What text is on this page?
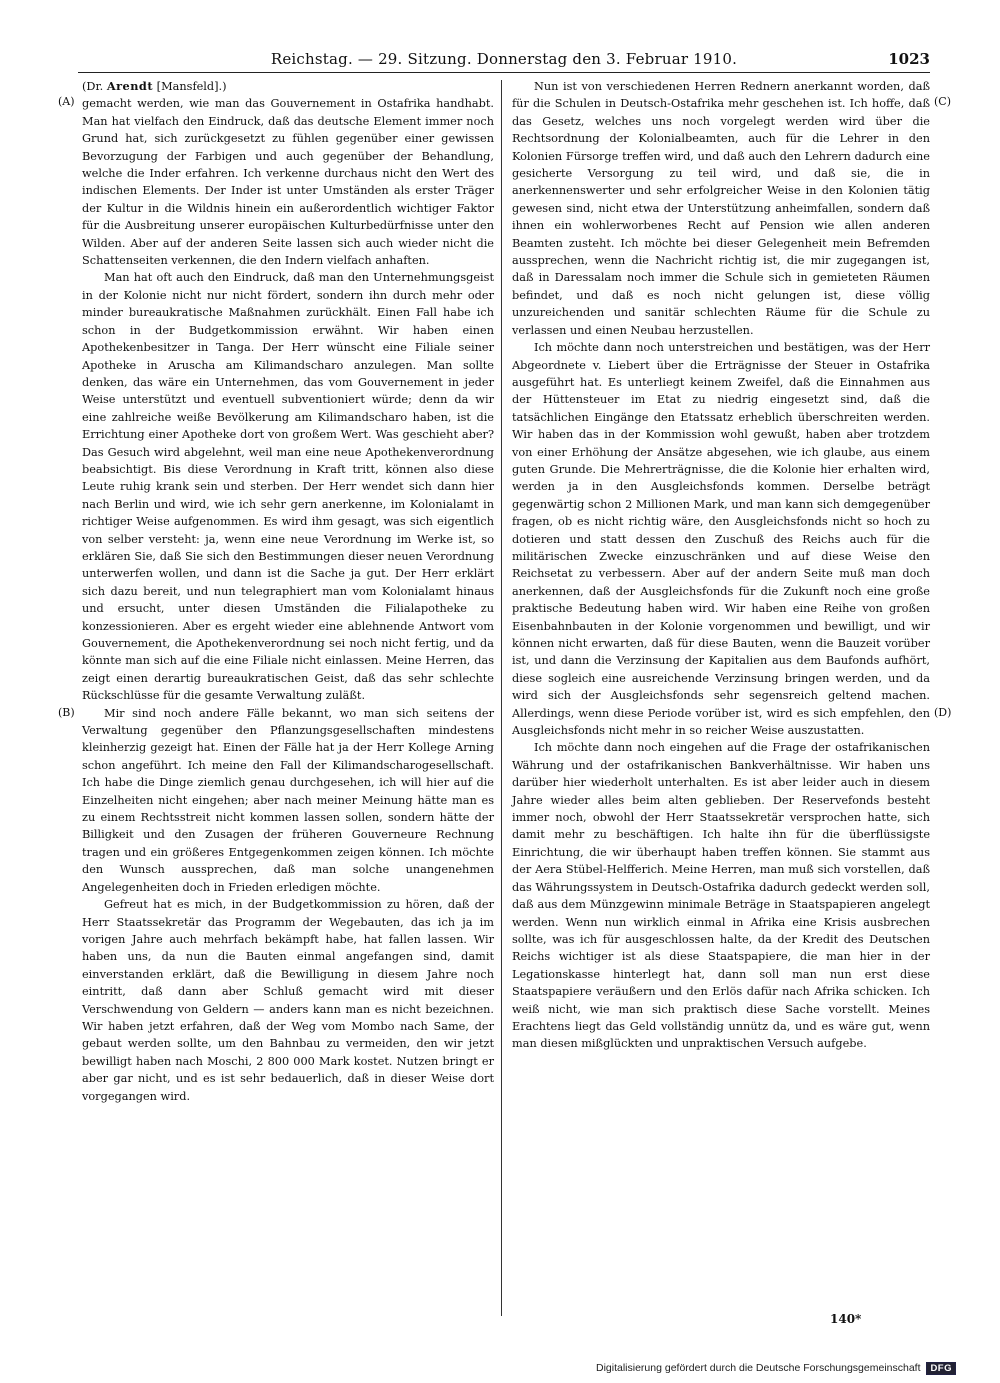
Reichstag. — 29. Sitzung. Donnerstag den 3. Februar 1910.	1023
(A)
(B)
(C)
(D)

(Dr. Arendt [Mansfeld].)

gemacht werden, wie man das Gouvernement in Ostafrika handhabt. Man hat vielfach den Eindruck, daß das deutsche Element immer noch Grund hat, sich zurückgesetzt zu fühlen gegenüber einer gewissen Bevorzugung der Farbigen und auch gegenüber der Behandlung, welche die Inder erfahren. Ich verkenne durchaus nicht den Wert des indischen Elements. Der Inder ist unter Umständen als erster Träger der Kultur in die Wildnis hinein ein außerordentlich wichtiger Faktor für die Ausbreitung unserer europäischen Kulturbedürfnisse unter den Wilden. Aber auf der anderen Seite lassen sich auch wieder nicht die Schattenseiten verkennen, die den Indern vielfach anhaften.

Man hat oft auch den Eindruck, daß man den Unternehmungsgeist in der Kolonie nicht nur nicht fördert, sondern ihn durch mehr oder minder bureaukratische Maßnahmen zurückhält. Einen Fall habe ich schon in der Budgetkommission erwähnt. Wir haben einen Apothekenbesitzer in Tanga. Der Herr wünscht eine Filiale seiner Apotheke in Aruscha am Kilimandscharo anzulegen. Man sollte denken, das wäre ein Unternehmen, das vom Gouvernement in jeder Weise unterstützt und eventuell subventioniert würde; denn da wir eine zahlreiche weiße Bevölkerung am Kilimandscharo haben, ist die Errichtung einer Apotheke dort von großem Wert. Was geschieht aber? Das Gesuch wird abgelehnt, weil man eine neue Apothekenverordnung beabsichtigt. Bis diese Verordnung in Kraft tritt, können also diese Leute ruhig krank sein und sterben. Der Herr wendet sich dann hier nach Berlin und wird, wie ich sehr gern anerkenne, im Kolonialamt in richtiger Weise aufgenommen. Es wird ihm gesagt, was sich eigentlich von selber versteht: ja, wenn eine neue Verordnung im Werke ist, so erklären Sie, daß Sie sich den Bestimmungen dieser neuen Verordnung unterwerfen wollen, und dann ist die Sache ja gut. Der Herr erklärt sich dazu bereit, und nun telegraphiert man vom Kolonialamt hinaus und ersucht, unter diesen Umständen die Filialapotheke zu konzessionieren. Aber es ergeht wieder eine ablehnende Antwort vom Gouvernement, die Apothekenverordnung sei noch nicht fertig, und da könnte man sich auf die eine Filiale nicht einlassen. Meine Herren, das zeigt einen derartig bureaukratischen Geist, daß das sehr schlechte Rückschlüsse für die gesamte Verwaltung zuläßt.

Mir sind noch andere Fälle bekannt, wo man sich seitens der Verwaltung gegenüber den Pflanzungsgesellschaften mindestens kleinherzig gezeigt hat. Einen der Fälle hat ja der Herr Kollege Arning schon angeführt. Ich meine den Fall der Kilimandscharogesellschaft. Ich habe die Dinge ziemlich genau durchgesehen, ich will hier auf die Einzelheiten nicht eingehen; aber nach meiner Meinung hätte man es zu einem Rechtsstreit nicht kommen lassen sollen, sondern hätte der Billigkeit und den Zusagen der früheren Gouverneure Rechnung tragen und ein größeres Entgegenkommen zeigen können. Ich möchte den Wunsch aussprechen, daß man solche unangenehmen Angelegenheiten doch in Frieden erledigen möchte.

Gefreut hat es mich, in der Budgetkommission zu hören, daß der Herr Staatssekretär das Programm der Wegebauten, das ich ja im vorigen Jahre auch mehrfach bekämpft habe, hat fallen lassen. Wir haben uns, da nun die Bauten einmal angefangen sind, damit einverstanden erklärt, daß die Bewilligung in diesem Jahre noch eintritt, daß dann aber Schluß gemacht wird mit dieser Verschwendung von Geldern — anders kann man es nicht bezeichnen. Wir haben jetzt erfahren, daß der Weg vom Mombo nach Same, der gebaut werden sollte, um den Bahnbau zu vermeiden, den wir jetzt bewilligt haben nach Moschi, 2 800 000 Mark kostet. Nutzen bringt er aber gar nicht, und es ist sehr bedauerlich, daß in dieser Weise dort vorgegangen wird.

Nun ist von verschiedenen Herren Rednern anerkannt worden, daß für die Schulen in Deutsch-Ostafrika mehr geschehen ist. Ich hoffe, daß das Gesetz, welches uns noch vorgelegt werden wird über die Rechtsordnung der Kolonialbeamten, auch für die Lehrer in den Kolonien Fürsorge treffen wird, und daß auch den Lehrern dadurch eine gesicherte Versorgung zu teil wird, und daß sie, die in anerkennenswerter und sehr erfolgreicher Weise in den Kolonien tätig gewesen sind, nicht etwa der Unterstützung anheimfallen, sondern daß ihnen ein wohlerworbenes Recht auf Pension wie allen anderen Beamten zusteht. Ich möchte bei dieser Gelegenheit mein Befremden aussprechen, wenn die Nachricht richtig ist, die mir zugegangen ist, daß in Daressalam noch immer die Schule sich in gemieteten Räumen befindet, und daß es noch nicht gelungen ist, diese völlig unzureichenden und sanitär schlechten Räume für die Schule zu verlassen und einen Neubau herzustellen.

Ich möchte dann noch unterstreichen und bestätigen, was der Herr Abgeordnete v. Liebert über die Erträgnisse der Steuer in Ostafrika ausgeführt hat. Es unterliegt keinem Zweifel, daß die Einnahmen aus der Hüttensteuer im Etat zu niedrig eingesetzt sind, daß die tatsächlichen Eingänge den Etatssatz erheblich überschreiten werden. Wir haben das in der Kommission wohl gewußt, haben aber trotzdem von einer Erhöhung der Ansätze abgesehen, wie ich glaube, aus einem guten Grunde. Die Mehrerträgnisse, die die Kolonie hier erhalten wird, werden ja in den Ausgleichsfonds kommen. Derselbe beträgt gegenwärtig schon 2 Millionen Mark, und man kann sich demgegenüber fragen, ob es nicht richtig wäre, den Ausgleichsfonds nicht so hoch zu dotieren und statt dessen den Zuschuß des Reichs auch für die militärischen Zwecke einzuschränken und auf diese Weise den Reichsetat zu verbessern. Aber auf der andern Seite muß man doch anerkennen, daß der Ausgleichsfonds für die Zukunft noch eine große praktische Bedeutung haben wird. Wir haben eine Reihe von großen Eisenbahnbauten in der Kolonie vorgenommen und bewilligt, und wir können nicht erwarten, daß für diese Bauten, wenn die Bauzeit vorüber ist, und dann die Verzinsung der Kapitalien aus dem Baufonds aufhört, diese sogleich eine ausreichende Verzinsung bringen werden, und da wird sich der Ausgleichsfonds sehr segensreich geltend machen. Allerdings, wenn diese Periode vorüber ist, wird es sich empfehlen, den Ausgleichsfonds nicht mehr in so reicher Weise auszustatten.

Ich möchte dann noch eingehen auf die Frage der ostafrikanischen Währung und der ostafrikanischen Bankverhältnisse. Wir haben uns darüber hier wiederholt unterhalten. Es ist aber leider auch in diesem Jahre wieder alles beim alten geblieben. Der Reservefonds besteht immer noch, obwohl der Herr Staatssekretär versprochen hatte, sich damit mehr zu beschäftigen. Ich halte ihn für die überflüssigste Einrichtung, die wir überhaupt haben treffen können. Sie stammt aus der Aera Stübel-Helfferich. Meine Herren, man muß sich vorstellen, daß das Währungssystem in Deutsch-Ostafrika dadurch gedeckt werden soll, daß aus dem Münzgewinn minimale Beträge in Staatspapieren angelegt werden. Wenn nun wirklich einmal in Afrika eine Krisis ausbrechen sollte, was ich für ausgeschlossen halte, da der Kredit des Deutschen Reichs wichtiger ist als diese Staatspapiere, die man hier in der Legationskasse hinterlegt hat, dann soll man nun erst diese Staatspapiere veräußern und den Erlös dafür nach Afrika schicken. Ich weiß nicht, wie man sich praktisch diese Sache vorstellt. Meines Erachtens liegt das Geld vollständig unnütz da, und es wäre gut, wenn man diesen mißglückten und unpraktischen Versuch aufgebe.

140*
Digitalisierung gefördert durch die Deutsche Forschungsgemeinschaft DFG
